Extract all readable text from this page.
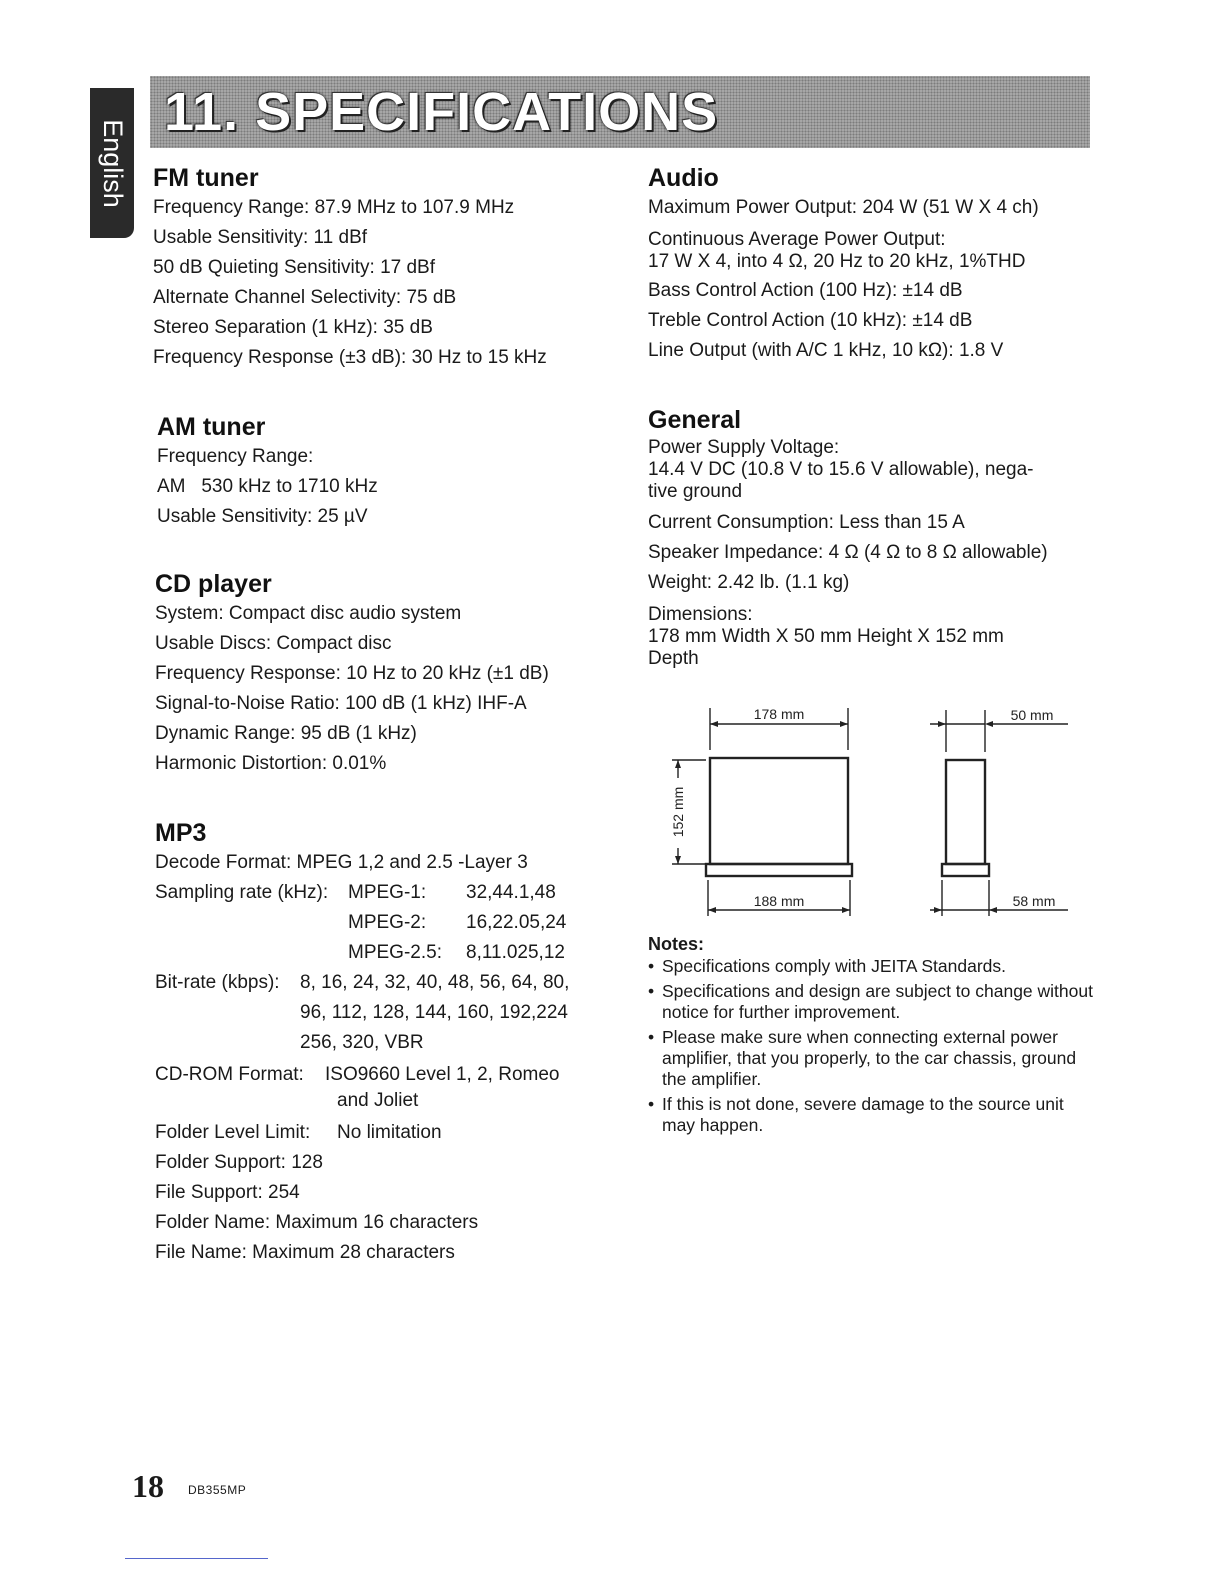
English
11. SPECIFICATIONS
FM tuner
Frequency Range: 87.9 MHz to 107.9 MHz
Usable Sensitivity: 11 dBf
50 dB Quieting Sensitivity: 17 dBf
Alternate Channel Selectivity: 75 dB
Stereo Separation (1 kHz): 35 dB
Frequency Response (±3 dB): 30 Hz to 15 kHz
AM tuner
Frequency Range:
AM   530 kHz to 1710 kHz
Usable Sensitivity: 25 µV
CD player
System: Compact disc audio system
Usable Discs: Compact disc
Frequency Response: 10 Hz to 20 kHz (±1 dB)
Signal-to-Noise Ratio: 100 dB (1 kHz) IHF-A
Dynamic Range: 95 dB (1 kHz)
Harmonic Distortion: 0.01%
MP3
Decode Format: MPEG 1,2 and 2.5 -Layer 3
Sampling rate (kHz):	MPEG-1:	32,44.1,48
MPEG-2:	16,22.05,24
MPEG-2.5:	8,11.025,12
Bit-rate (kbps):	8, 16, 24, 32, 40, 48, 56, 64, 80,
96, 112, 128, 144, 160, 192,224
256, 320, VBR
CD-ROM Format:	ISO9660 Level 1, 2, Romeo
and Joliet
Folder Level Limit:	No limitation
Folder Support: 128
File Support: 254
Folder Name: Maximum 16 characters
File Name: Maximum 28 characters
Audio
Maximum Power Output: 204 W (51 W X 4 ch)
Continuous Average Power Output:
17 W X 4, into 4 Ω, 20 Hz to 20 kHz, 1%THD
Bass Control Action (100 Hz): ±14 dB
Treble Control Action (10 kHz): ±14 dB
Line Output (with A/C 1 kHz, 10 kΩ): 1.8 V
General
Power Supply Voltage:
14.4 V DC (10.8 V to 15.6 V allowable), nega-
tive ground
Current Consumption: Less than 15 A
Speaker Impedance: 4 Ω (4 Ω to 8 Ω allowable)
Weight: 2.42 lb. (1.1 kg)
Dimensions:
178 mm Width X 50 mm Height X 152 mm
Depth
178 mm
188 mm
152 mm
50 mm
58 mm
Notes:
• Specifications comply with JEITA Standards.
• Specifications and design are subject to change without notice for further improvement.
• Please make sure when connecting external power amplifier, that you properly, to the car chassis, ground the amplifier.
• If this is not done, severe damage to the source unit may happen.
18 DB355MP
